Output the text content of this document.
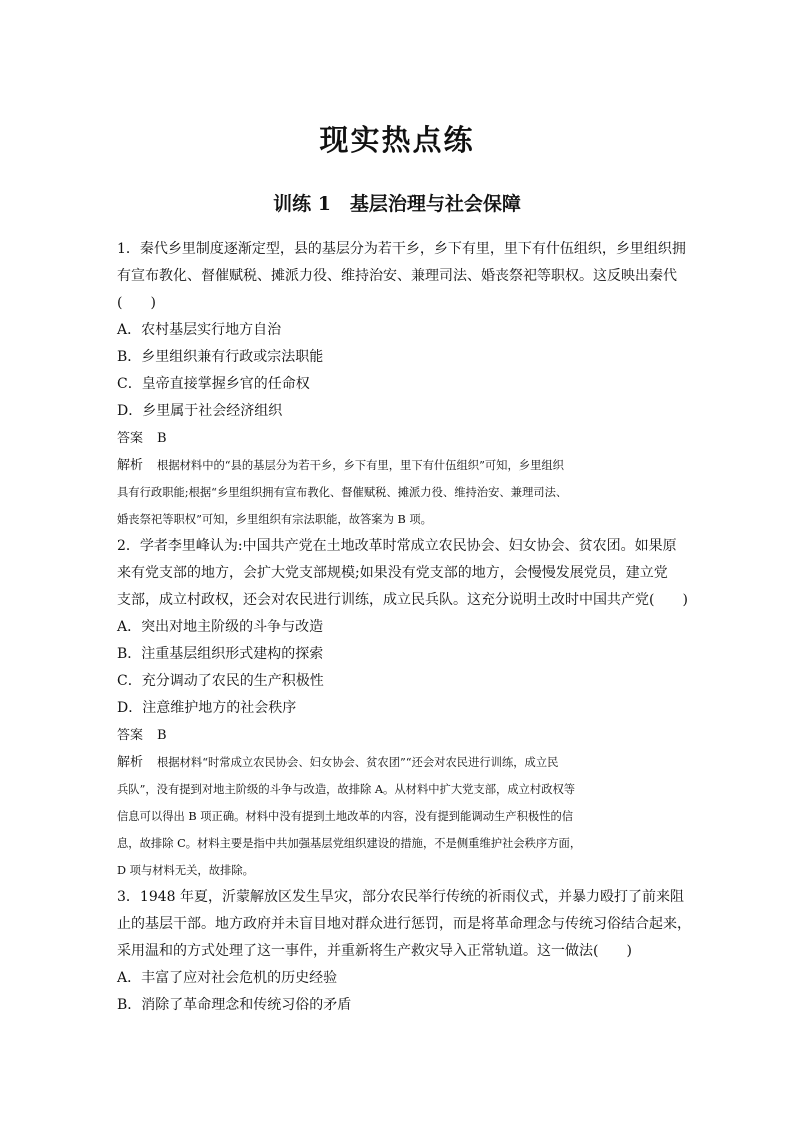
现实热点练
训练 1　基层治理与社会保障
1．秦代乡里制度逐渐定型，县的基层分为若干乡，乡下有里，里下有什伍组织，乡里组织拥
有宣布教化、督催赋税、摊派力役、维持治安、兼理司法、婚丧祭祀等职权。这反映出秦代
(　　)
A．农村基层实行地方自治
B．乡里组织兼有行政或宗法职能
C．皇帝直接掌握乡官的任命权
D．乡里属于社会经济组织
答案 B
解析 根据材料中的“县的基层分为若干乡，乡下有里，里下有什伍组织”可知，乡里组织
具有行政职能;根据“乡里组织拥有宣布教化、督催赋税、摊派力役、维持治安、兼理司法、
婚丧祭祀等职权”可知，乡里组织有宗法职能，故答案为 B 项。
2．学者李里峰认为:中国共产党在土地改革时常成立农民协会、妇女协会、贫农团。如果原
来有党支部的地方，会扩大党支部规模;如果没有党支部的地方，会慢慢发展党员，建立党
支部，成立村政权，还会对农民进行训练，成立民兵队。这充分说明土改时中国共产党(　　)
A．突出对地主阶级的斗争与改造
B．注重基层组织形式建构的探索
C．充分调动了农民的生产积极性
D．注意维护地方的社会秩序
答案 B
解析 根据材料“时常成立农民协会、妇女协会、贫农团”“还会对农民进行训练，成立民
兵队”，没有提到对地主阶级的斗争与改造，故排除 A。从材料中扩大党支部，成立村政权等
信息可以得出 B 项正确。材料中没有提到土地改革的内容，没有提到能调动生产积极性的信
息，故排除 C。材料主要是指中共加强基层党组织建设的措施，不是侧重维护社会秩序方面，
D 项与材料无关，故排除。
3．1948 年夏，沂蒙解放区发生旱灾，部分农民举行传统的祈雨仪式，并暴力殴打了前来阻
止的基层干部。地方政府并未盲目地对群众进行惩罚，而是将革命理念与传统习俗结合起来，
采用温和的方式处理了这一事件，并重新将生产救灾导入正常轨道。这一做法(　　)
A．丰富了应对社会危机的历史经验
B．消除了革命理念和传统习俗的矛盾
